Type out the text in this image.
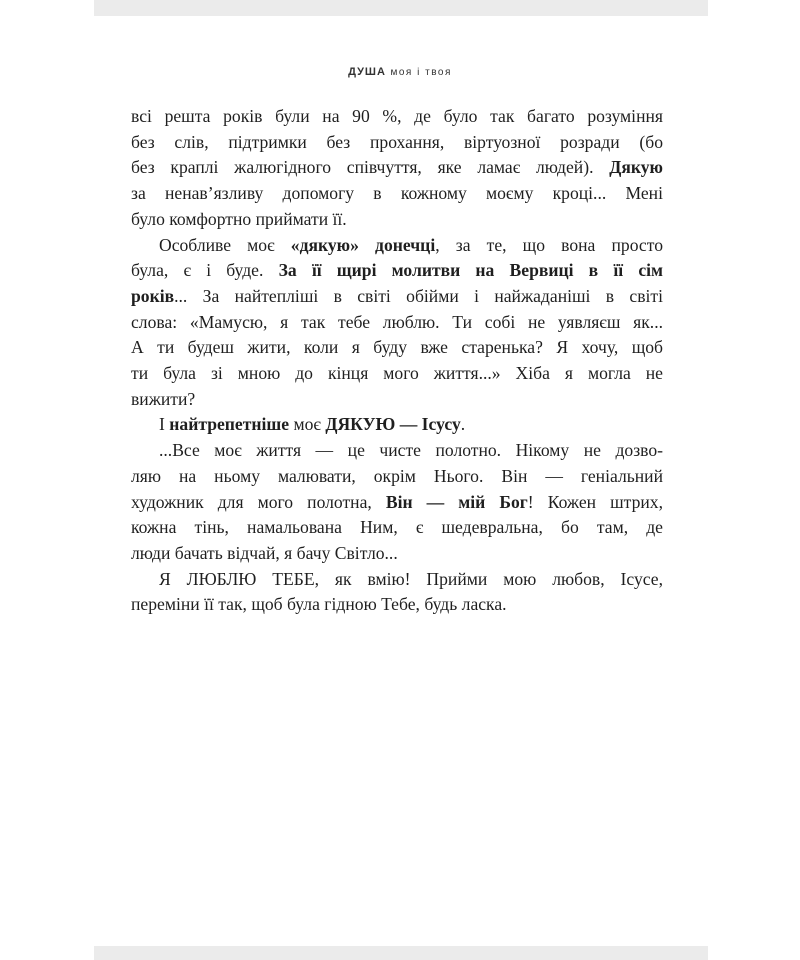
ДУША моя і твоя

всі решта років були на 90 %, де було так багато розуміння
без слів, підтримки без прохання, віртуозної розради (бо
без краплі жалюгідного співчуття, яке ламає людей). Дякую
за ненав’язливу допомогу в кожному моєму кроці... Мені
було комфортно приймати її.

Особливе моє «дякую» донечці, за те, що вона просто
була, є і буде. За її щирі молитви на Вервиці в її сім
років... За найтепліші в світі обійми і найжаданіші в світі
слова: «Мамусю, я так тебе люблю. Ти собі не уявляєш як...
А ти будеш жити, коли я буду вже старенька? Я хочу, щоб
ти була зі мною до кінця мого життя...» Хіба я могла не
вижити?

І найтрепетніше моє ДЯКУЮ — Ісусу.

...Все моє життя — це чисте полотно. Нікому не дозво-
ляю на ньому малювати, окрім Нього. Він — геніальний
художник для мого полотна, Він — мій Бог! Кожен штрих,
кожна тінь, намальована Ним, є шедевральна, бо там, де
люди бачать відчай, я бачу Світло...

Я ЛЮБЛЮ ТЕБЕ, як вмію! Прийми мою любов, Ісусе,
переміни її так, щоб була гідною Тебе, будь ласка.
